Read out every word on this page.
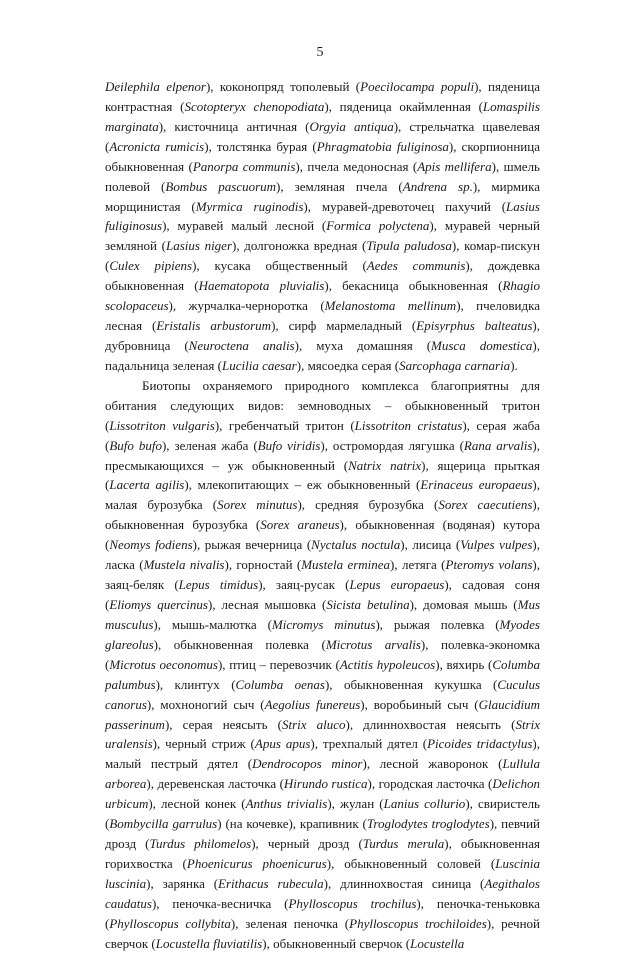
5

Deilephila elpenor), коконопряд тополевый (Poecilocampa populi), пяденица контрастная (Scotopteryx chenopodiata), пяденица окаймленная (Lomaspilis marginata), кисточница античная (Orgyia antiqua), стрельчатка щавелевая (Acronicta rumicis), толстянка бурая (Phragmatobia fuliginosa), скорпионница обыкновенная (Panorpa communis), пчела медоносная (Apis mellifera), шмель полевой (Bombus pascuorum), земляная пчела (Andrena sp.), мирмика морщинистая (Myrmica ruginodis), муравей-древоточец пахучий (Lasius fuliginosus), муравей малый лесной (Formica polyctena), муравей черный земляной (Lasius niger), долгоножка вредная (Tipula paludosa), комар-пискун (Culex pipiens), кусака общественный (Aedes communis), дождевка обыкновенная (Haematopota pluvialis), бекасница обыкновенная (Rhagio scolopaceus), журчалка-черноротка (Melanostoma mellinum), пчеловидка лесная (Eristalis arbustorum), сирф мармеладный (Episyrphus balteatus), дубровница (Neuroctena analis), муха домашняя (Musca domestica), падальница зеленая (Lucilia caesar), мясоедка серая (Sarcophaga carnaria).

Биотопы охраняемого природного комплекса благоприятны для обитания следующих видов: земноводных – обыкновенный тритон (Lissotriton vulgaris), гребенчатый тритон (Lissotriton cristatus), серая жаба (Bufo bufo), зеленая жаба (Bufo viridis), остромордая лягушка (Rana arvalis), пресмыкающихся – уж обыкновенный (Natrix natrix), ящерица прыткая (Lacerta agilis), млекопитающих – еж обыкновенный (Erinaceus europaeus), малая бурозубка (Sorex minutus), средняя бурозубка (Sorex caecutiens), обыкновенная бурозубка (Sorex araneus), обыкновенная (водяная) кутора (Neomys fodiens), рыжая вечерница (Nyctalus noctula), лисица (Vulpes vulpes), ласка (Mustela nivalis), горностай (Mustela erminea), летяга (Pteromys volans), заяц-беляк (Lepus timidus), заяц-русак (Lepus europaeus), садовая соня (Eliomys quercinus), лесная мышовка (Sicista betulina), домовая мышь (Mus musculus), мышь-малютка (Micromys minutus), рыжая полевка (Myodes glareolus), обыкновенная полевка (Microtus arvalis), полевка-экономка (Microtus oeconomus), птиц – перевозчик (Actitis hypoleucos), вяхирь (Columba palumbus), клинтух (Columba oenas), обыкновенная кукушка (Cuculus canorus), мохноногий сыч (Aegolius funereus), воробьиный сыч (Glaucidium passerinum), серая неясыть (Strix aluco), длиннохвостая неясыть (Strix uralensis), черный стриж (Apus apus), трехпалый дятел (Picoides tridactylus), малый пестрый дятел (Dendrocopos minor), лесной жаворонок (Lullula arborea), деревенская ласточка (Hirundo rustica), городская ласточка (Delichon urbicum), лесной конек (Anthus trivialis), жулан (Lanius collurio), свиристель (Bombycilla garrulus) (на кочевке), крапивник (Troglodytes troglodytes), певчий дрозд (Turdus philomelos), черный дрозд (Turdus merula), обыкновенная горихвостка (Phoenicurus phoenicurus), обыкновенный соловей (Luscinia luscinia), зарянка (Erithacus rubecula), длиннохвостая синица (Aegithalos caudatus), пеночка-весничка (Phylloscopus trochilus), пеночка-теньковка (Phylloscopus collybita), зеленая пеночка (Phylloscopus trochiloides), речной сверчок (Locustella fluviatilis), обыкновенный сверчок (Locustella
